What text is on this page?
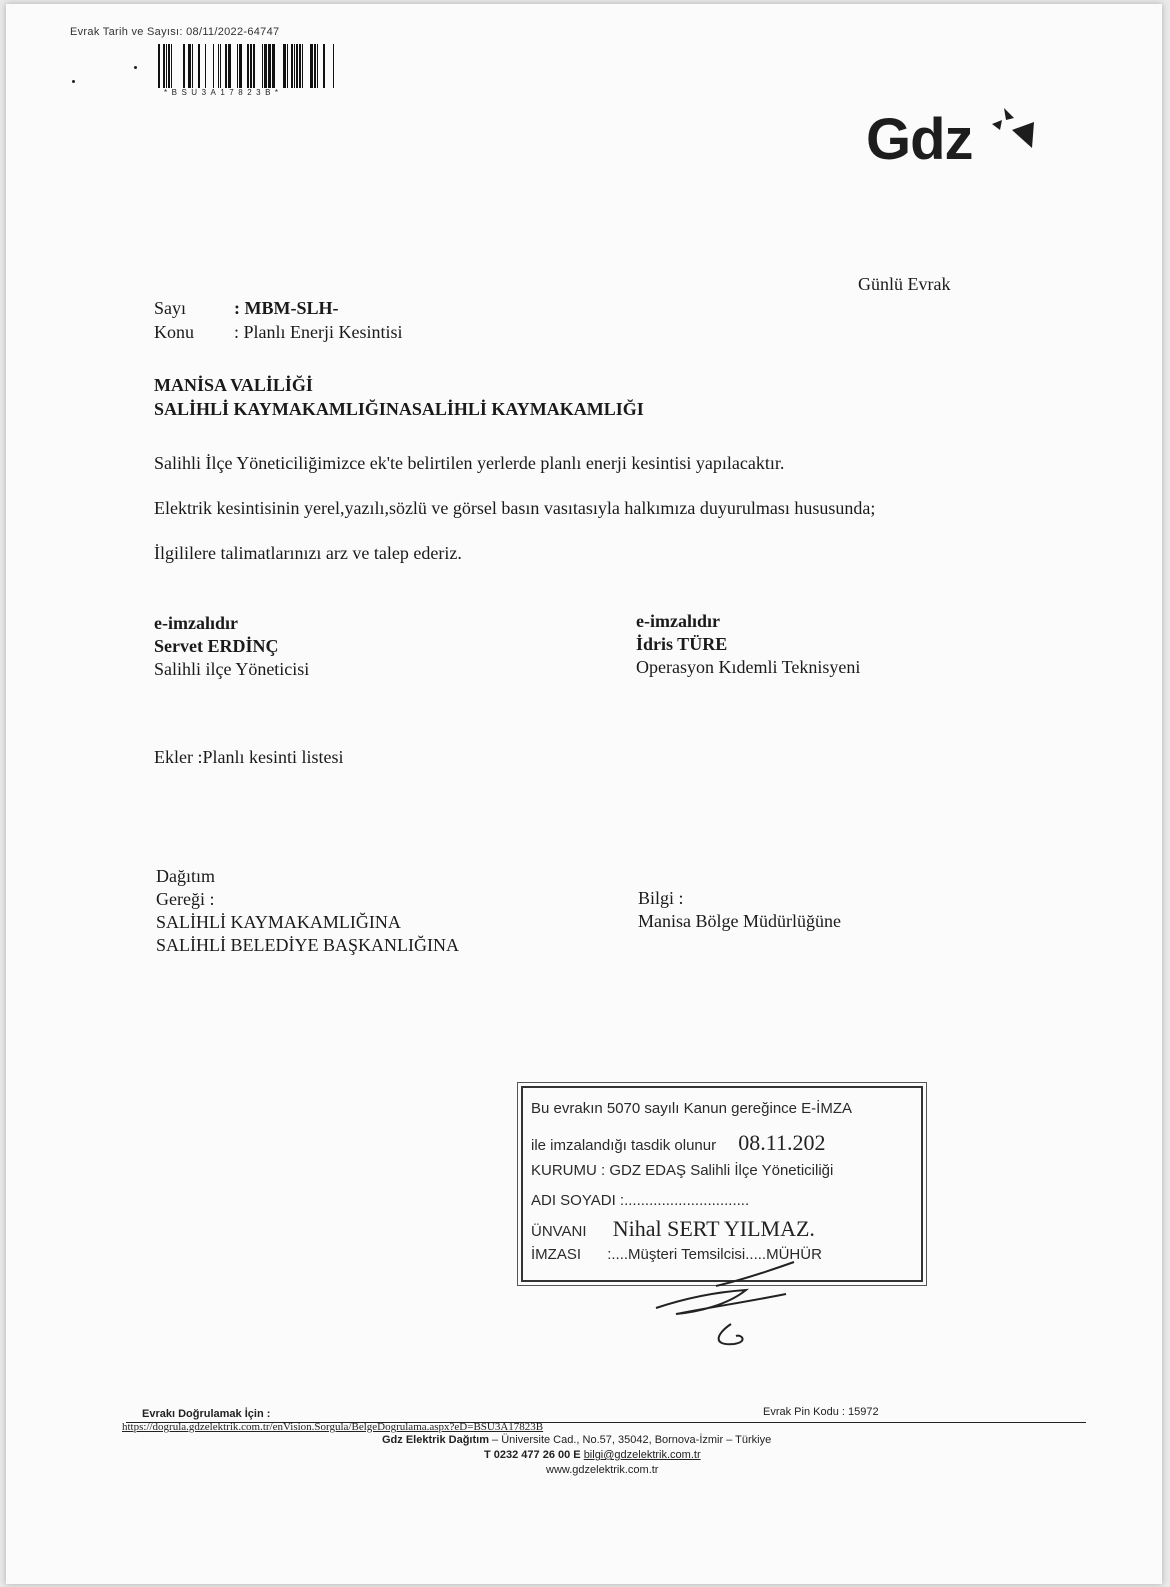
Evrak Tarih ve Sayısı: 08/11/2022-64747
*BSU3A17823B*
Gdz
Günlü Evrak
Sayı	: MBM-SLH-
Konu : Planlı Enerji Kesintisi
MANİSA VALİLİĞİ
SALİHLİ KAYMAKAMLIĞINASALİHLİ KAYMAKAMLIĞI
Salihli İlçe Yöneticiliğimizce ek'te belirtilen yerlerde planlı enerji kesintisi yapılacaktır.
Elektrik kesintisinin yerel,yazılı,sözlü ve görsel basın vasıtasıyla halkımıza duyurulması hususunda;
İlgililere talimatlarınızı arz ve talep ederiz.
e-imzalıdır
Servet ERDİNÇ
Salihli ilçe Yöneticisi
e-imzalıdır
İdris TÜRE
Operasyon Kıdemli Teknisyeni
Ekler :Planlı kesinti listesi
Dağıtım
Gereği :
SALİHLİ KAYMAKAMLIĞINA
SALİHLİ BELEDİYE BAŞKANLIĞINA
Bilgi :
Manisa Bölge Müdürlüğüne
Bu evrakın 5070 sayılı Kanun gereğince E-İMZA
ile imzalandığı tasdik olunur 08.11.202
KURUMU : GDZ EDAŞ Salihli İlçe Yöneticiliği
ADI SOYADI :..............................
ÜNVANI Nihal SERT YILMAZ.
İMZASI :....Müşteri Temsilcisi.....MÜHÜR
Evrakı Doğrulamak İçin :	Evrak Pin Kodu : 15972
https://dogrula.gdzelektrik.com.tr/enVision.Sorgula/BelgeDogrulama.aspx?eD=BSU3A17823B
Gdz Elektrik Dağıtım – Üniversite Cad., No.57, 35042, Bornova-İzmir – Türkiye
T 0232 477 26 00 E bilgi@gdzelektrik.com.tr
www.gdzelektrik.com.tr
